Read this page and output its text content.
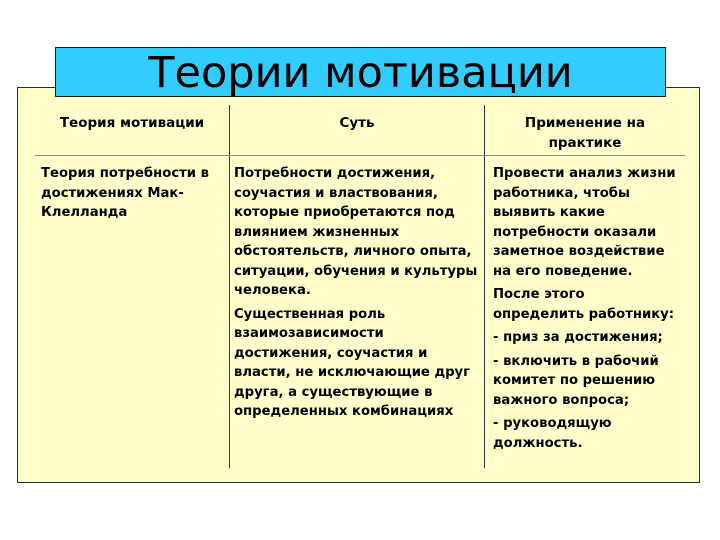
Теории мотивации
Теория мотивации	Суть	Применение на практике
Теория потребности в достижениях Мак-Клелланда

Потребности достижения, соучастия и властвования, которые приобретаются под влиянием жизненных обстоятельств, личного опыта, ситуации, обучения и культуры человека.

Существенная роль взаимозависимости достижения, соучастия и власти, не исключающие друг друга, а существующие в определенных комбинациях

Провести анализ жизни работника, чтобы выявить какие потребности оказали заметное воздействие на его поведение.

После этого определить работнику:

- приз за достижения;

- включить в рабочий комитет по решению важного вопроса;

- руководящую должность.
